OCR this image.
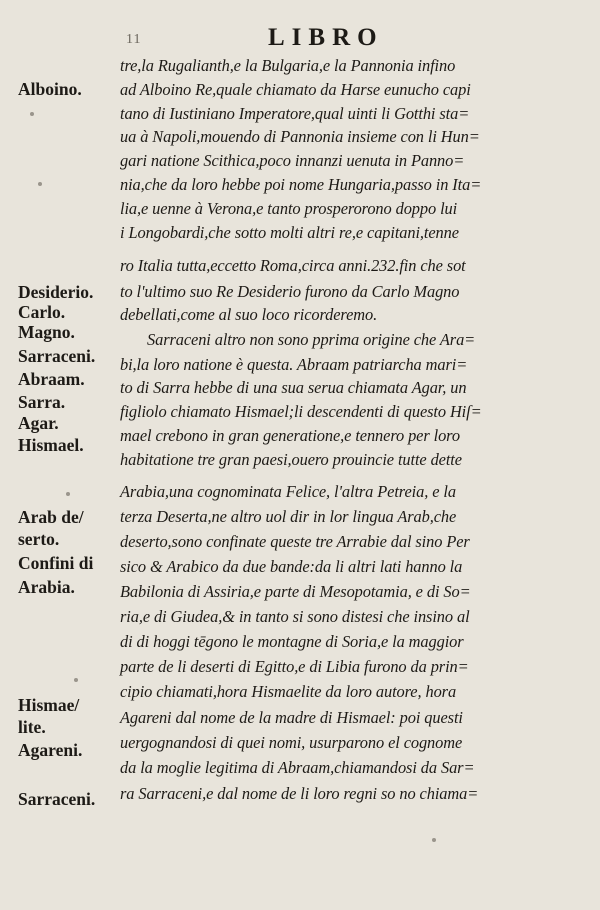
11	LIBRO
Alboino.
Desiderio.
Carlo.
Magno.
Sarraceni.
Abraam.
Sarra.
Agar.
Hismael.
Arab de/
serto.
Confini di
Arabia.
Hismae/
lite.
Agareni.
Sarraceni.
tre,la Rugalianth,e la Bulgaria,e la Pannonia infino
ad Alboino Re,quale chiamato da Harse eunucho capi
tano di Iustiniano Imperatore,qual uinti li Gotthi sta=
ua à Napoli,mouendo di Pannonia insieme con li Hun=
gari natione Scithica,poco innanzi uenuta in Panno=
nia,che da loro hebbe poi nome Hungaria,passo in Ita=
lia,e uenne à Verona,e tanto prosperorono doppo lui
i Longobardi,che sotto molti altri re,e capitani,tenne
ro Italia tutta,eccetto Roma,circa anni.232.fin che sot
to l'ultimo suo Re Desiderio furono da Carlo Magno
debellati,come al suo loco ricorderemo.
Sarraceni altro non sono pprima origine che Ara=
bi,la loro natione è questa. Abraam patriarcha mari=
to di Sarra hebbe di una sua serua chiamata Agar, un
figliolo chiamato Hismael;li descendenti di questo Hiſ=
mael crebono in gran generatione,e tennero per loro
habitatione tre gran paesi,ouero prouincie tutte dette
Arabia,una cognominata Felice, l'altra Petreia, e la
terza Deserta,ne altro uol dir in lor lingua Arab,che
deserto,sono confinate queste tre Arrabie dal sino Per
sico & Arabico da due bande:da li altri lati hanno la
Babilonia di Assiria,e parte di Mesopotamia, e di So=
ria,e di Giudea,& in tanto si sono distesi che insino al
di di hoggi tēgono le montagne di Soria,e la maggior
parte de li deserti di Egitto,e di Libia furono da prin=
cipio chiamati,hora Hismaelite da loro autore, hora
Agareni dal nome de la madre di Hismael: poi questi
uergognandosi di quei nomi, usurparono el cognome
da la moglie legitima di Abraam,chiamandosi da Sar=
ra Sarraceni,e dal nome de li loro regni so no chiama=
